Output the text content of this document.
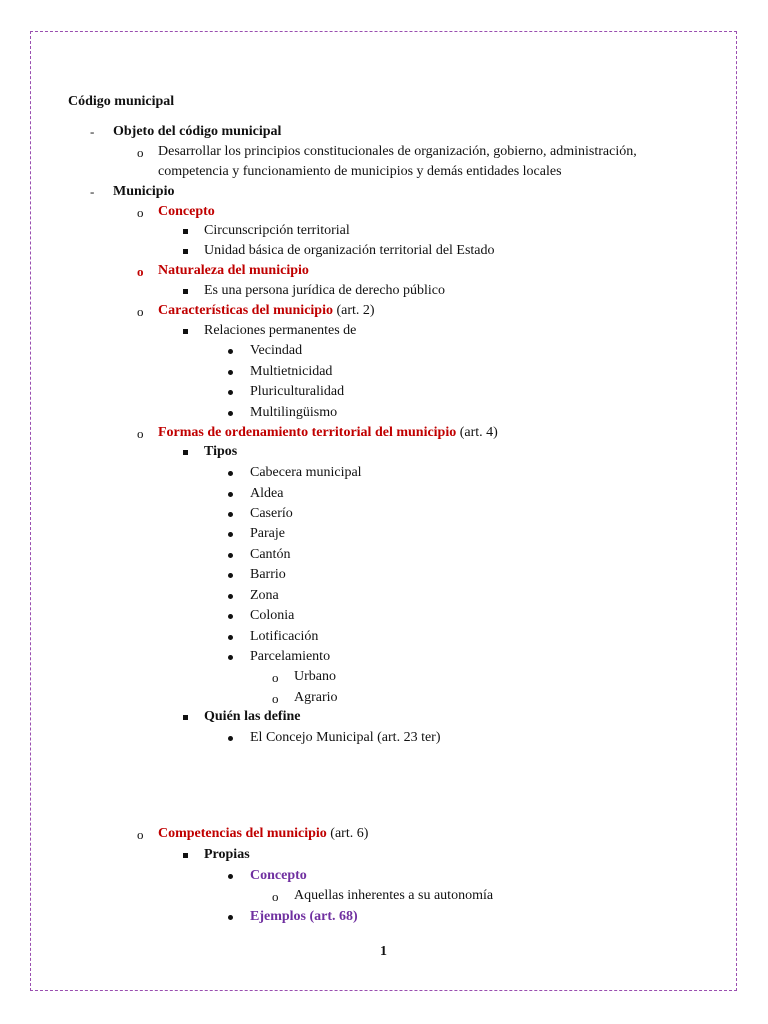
Código municipal
- Objeto del código municipal
o Desarrollar los principios constitucionales de organización, gobierno, administración,
competencia y funcionamiento de municipios y demás entidades locales
- Municipio
o Concepto
Circunscripción territorial
Unidad básica de organización territorial del Estado
o Naturaleza del municipio
Es una persona jurídica de derecho público
o Características del municipio (art. 2)
Relaciones permanentes de
Vecindad
Multietnicidad
Pluriculturalidad
Multilingüismo
o Formas de ordenamiento territorial del municipio (art. 4)
Tipos
Cabecera municipal
Aldea
Caserío
Paraje
Cantón
Barrio
Zona
Colonia
Lotificación
Parcelamiento
o Urbano
o Agrario
Quién las define
El Concejo Municipal (art. 23 ter)
o Competencias del municipio (art. 6)
Propias
Concepto
o Aquellas inherentes a su autonomía
Ejemplos (art. 68)
1
